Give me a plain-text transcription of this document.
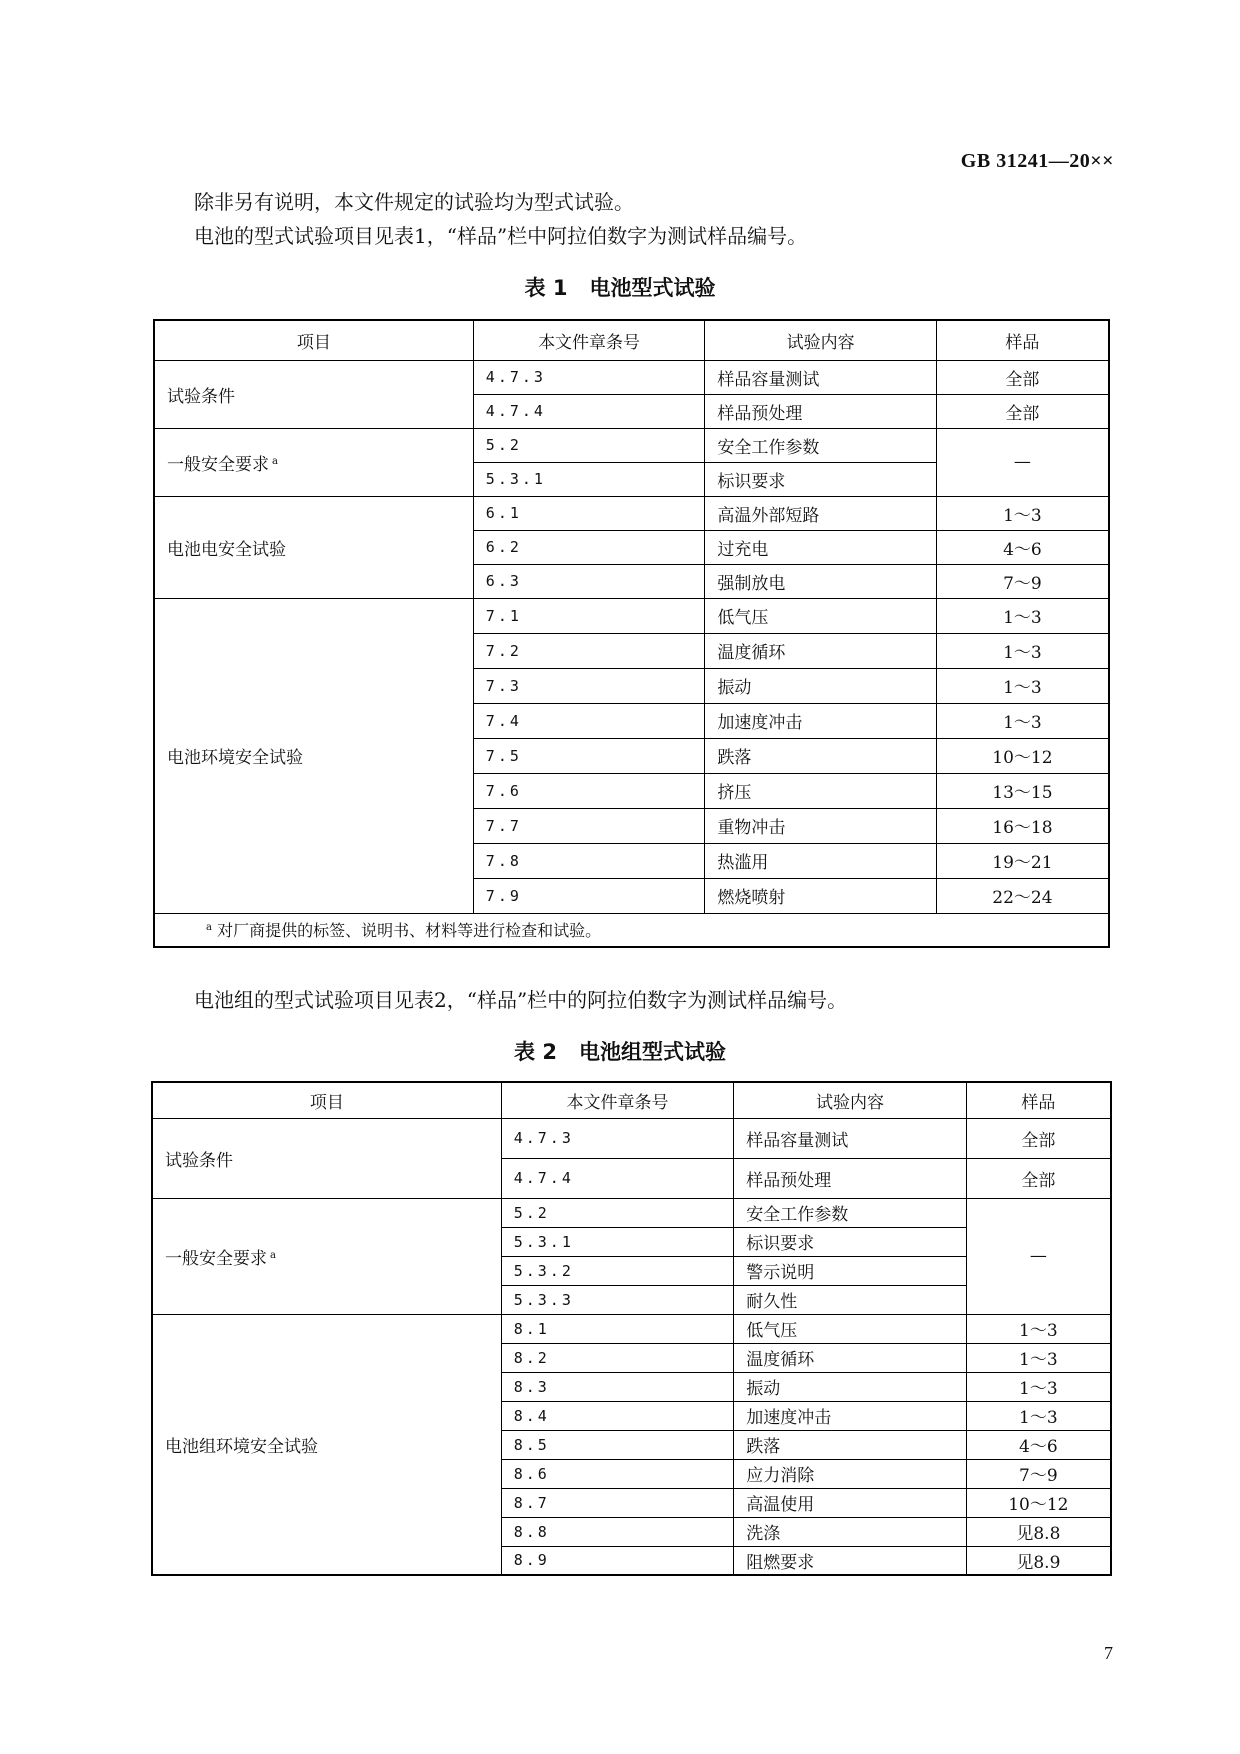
GB 31241—20××
除非另有说明，本文件规定的试验均为型式试验。
电池的型式试验项目见表1，“样品”栏中阿拉伯数字为测试样品编号。
表 1 电池型式试验
项目	本文件章条号	试验内容	样品
试验条件	4.7.3	样品容量测试	全部
	4.7.4	样品预处理	全部
一般安全要求 $^a$	5.2	安全工作参数	—
	5.3.1	标识要求	
电池电安全试验	6.1	高温外部短路	1～3
	6.2	过充电	4～6
	6.3	强制放电	7～9
电池环境安全试验	7.1	低气压	1～3
	7.2	温度循环	1～3
	7.3	振动	1～3
	7.4	加速度冲击	1～3
	7.5	跌落	10～12
	7.6	挤压	13～15
	7.7	重物冲击	16～18
	7.8	热滥用	19～21
	7.9	燃烧喷射	22～24
$^a$ 对厂商提供的标签、说明书、材料等进行检查和试验。			
电池组的型式试验项目见表2，“样品”栏中的阿拉伯数字为测试样品编号。
表 2 电池组型式试验
项目	本文件章条号	试验内容	样品
试验条件	4.7.3	样品容量测试	全部
	4.7.4	样品预处理	全部
一般安全要求 $^a$	5.2	安全工作参数	—
	5.3.1	标识要求	
	5.3.2	警示说明	
	5.3.3	耐久性	
电池组环境安全试验	8.1	低气压	1～3
	8.2	温度循环	1～3
	8.3	振动	1～3
	8.4	加速度冲击	1～3
	8.5	跌落	4～6
	8.6	应力消除	7～9
	8.7	高温使用	10～12
	8.8	洗涤	见8.8
	8.9	阻燃要求	见8.9
7
